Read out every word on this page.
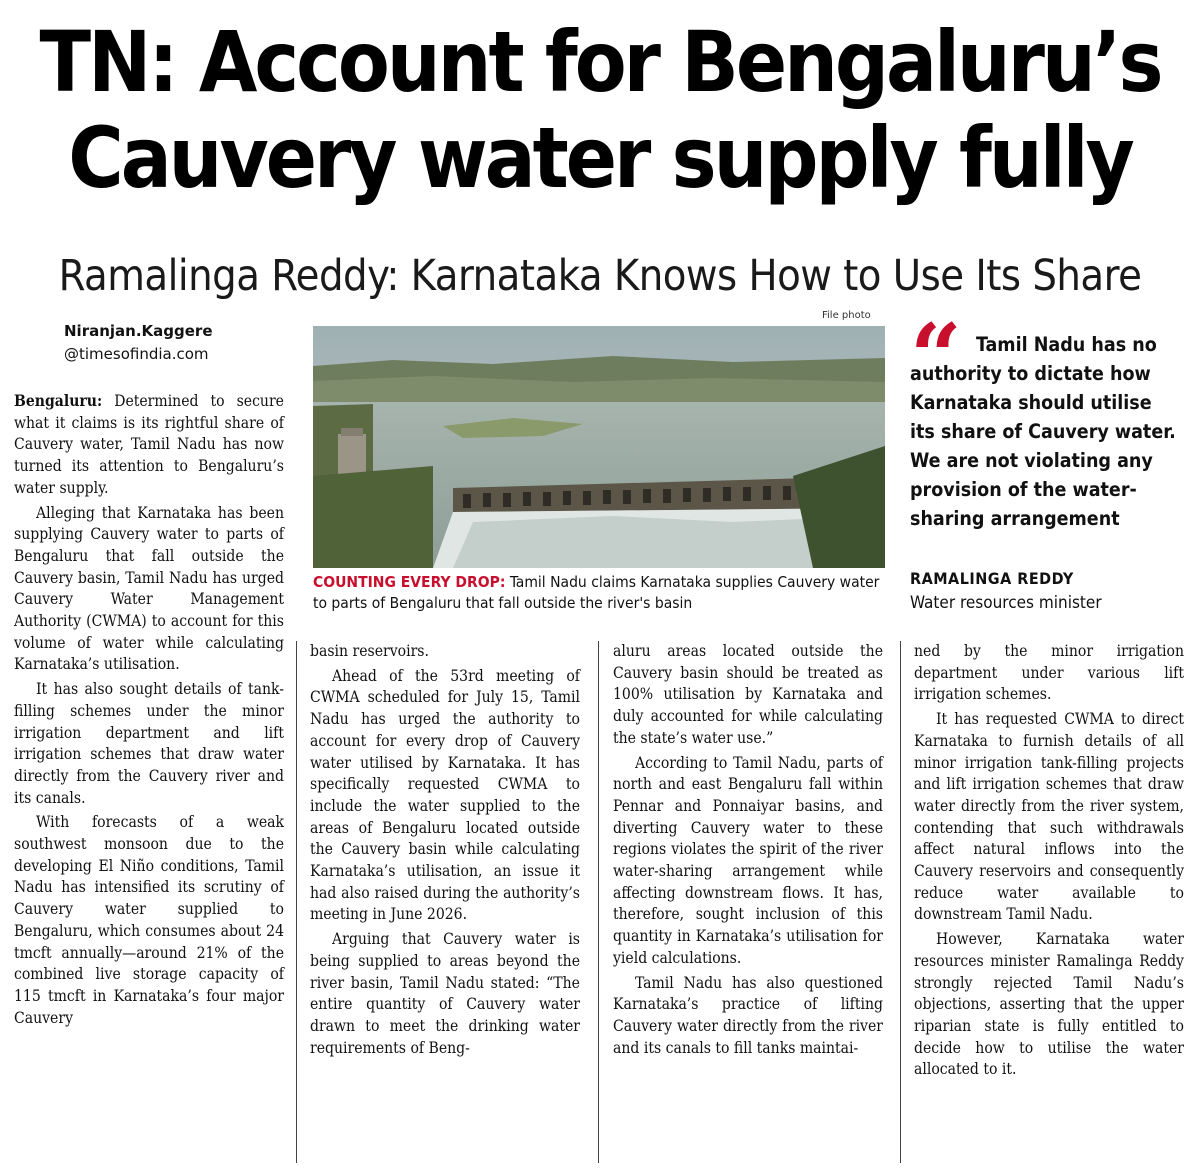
TN: Account for Bengaluru’s
Cauvery water supply fully
Ramalinga Reddy: Karnataka Knows How to Use Its Share
Niranjan.Kaggere
@timesofindia.com
File photo
COUNTING EVERY DROP: Tamil Nadu claims Karnataka supplies Cauvery water to parts of Bengaluru that fall outside the river's basin
“ Tamil Nadu has no authority to dictate how Karnataka should utilise its share of Cauvery water. We are not violating any provision of the water-sharing arrangement
RAMALINGA REDDY
Water resources minister

Bengaluru: Determined to secure what it claims is its rightful share of Cauvery water, Tamil Nadu has now turned its attention to Bengaluru’s water supply.

Alleging that Karnataka has been supplying Cauvery water to parts of Bengaluru that fall outside the Cauvery basin, Tamil Nadu has urged Cauvery Water Management Authority (CWMA) to account for this volume of water while calculating Karnataka’s utilisation.

It has also sought details of tank-filling schemes under the minor irrigation department and lift irrigation schemes that draw water directly from the Cauvery river and its canals.

With forecasts of a weak southwest monsoon due to the developing El Niño conditions, Tamil Nadu has intensified its scrutiny of Cauvery water supplied to Bengaluru, which consumes about 24 tmcft annually—around 21% of the combined live storage capacity of 115 tmcft in Karnataka’s four major Cauvery

basin reservoirs.

Ahead of the 53rd meeting of CWMA scheduled for July 15, Tamil Nadu has urged the authority to account for every drop of Cauvery water utilised by Karnataka. It has specifically requested CWMA to include the water supplied to the areas of Bengaluru located outside the Cauvery basin while calculating Karnataka’s utilisation, an issue it had also raised during the authority’s meeting in June 2026.

Arguing that Cauvery water is being supplied to areas beyond the river basin, Tamil Nadu stated: “The entire quantity of Cauvery water drawn to meet the drinking water requirements of Beng-

aluru areas located outside the Cauvery basin should be treated as 100% utilisation by Karnataka and duly accounted for while calculating the state’s water use.”

According to Tamil Nadu, parts of north and east Bengaluru fall within Pennar and Ponnaiyar basins, and diverting Cauvery water to these regions violates the spirit of the river water-sharing arrangement while affecting downstream flows. It has, therefore, sought inclusion of this quantity in Karnataka’s utilisation for yield calculations.

Tamil Nadu has also questioned Karnataka’s practice of lifting Cauvery water directly from the river and its canals to fill tanks maintai-

ned by the minor irrigation department under various lift irrigation schemes.

It has requested CWMA to direct Karnataka to furnish details of all minor irrigation tank-filling projects and lift irrigation schemes that draw water directly from the river system, contending that such withdrawals affect natural inflows into the Cauvery reservoirs and consequently reduce water available to downstream Tamil Nadu.

However, Karnataka water resources minister Ramalinga Reddy strongly rejected Tamil Nadu’s objections, asserting that the upper riparian state is fully entitled to decide how to utilise the water allocated to it.
